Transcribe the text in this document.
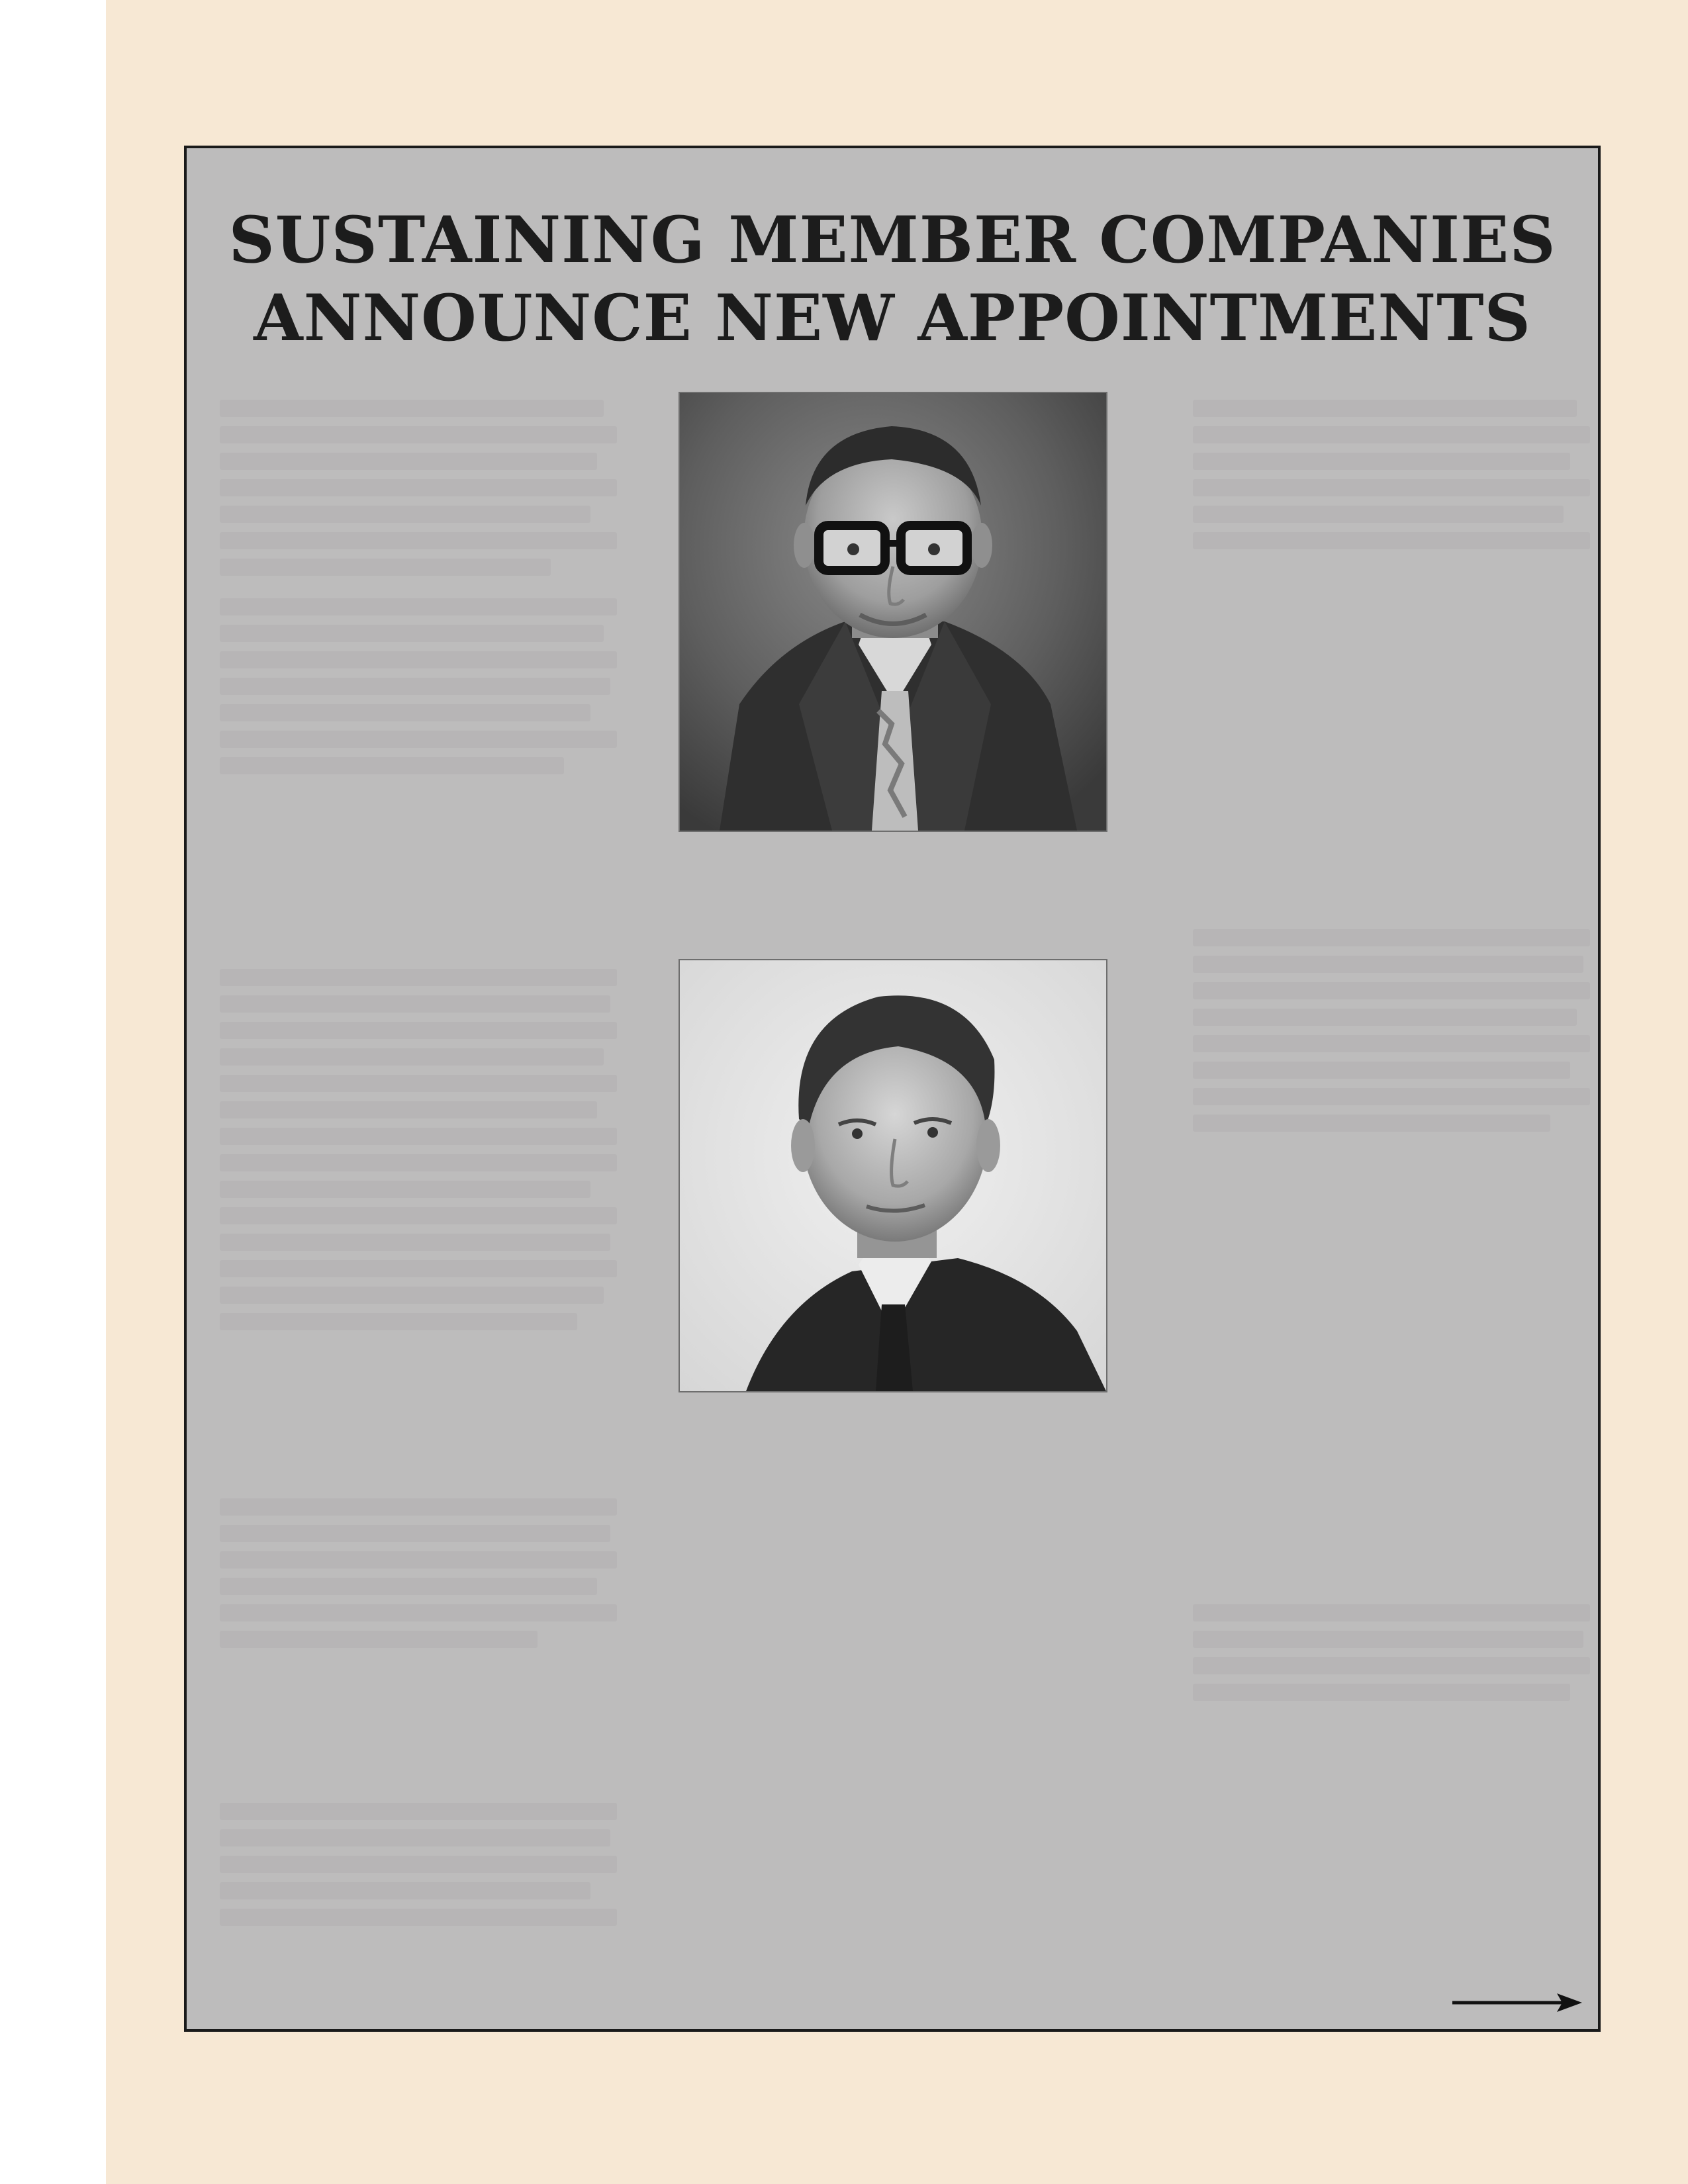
SUSTAINING MEMBER COMPANIES
ANNOUNCE NEW APPOINTMENTS
